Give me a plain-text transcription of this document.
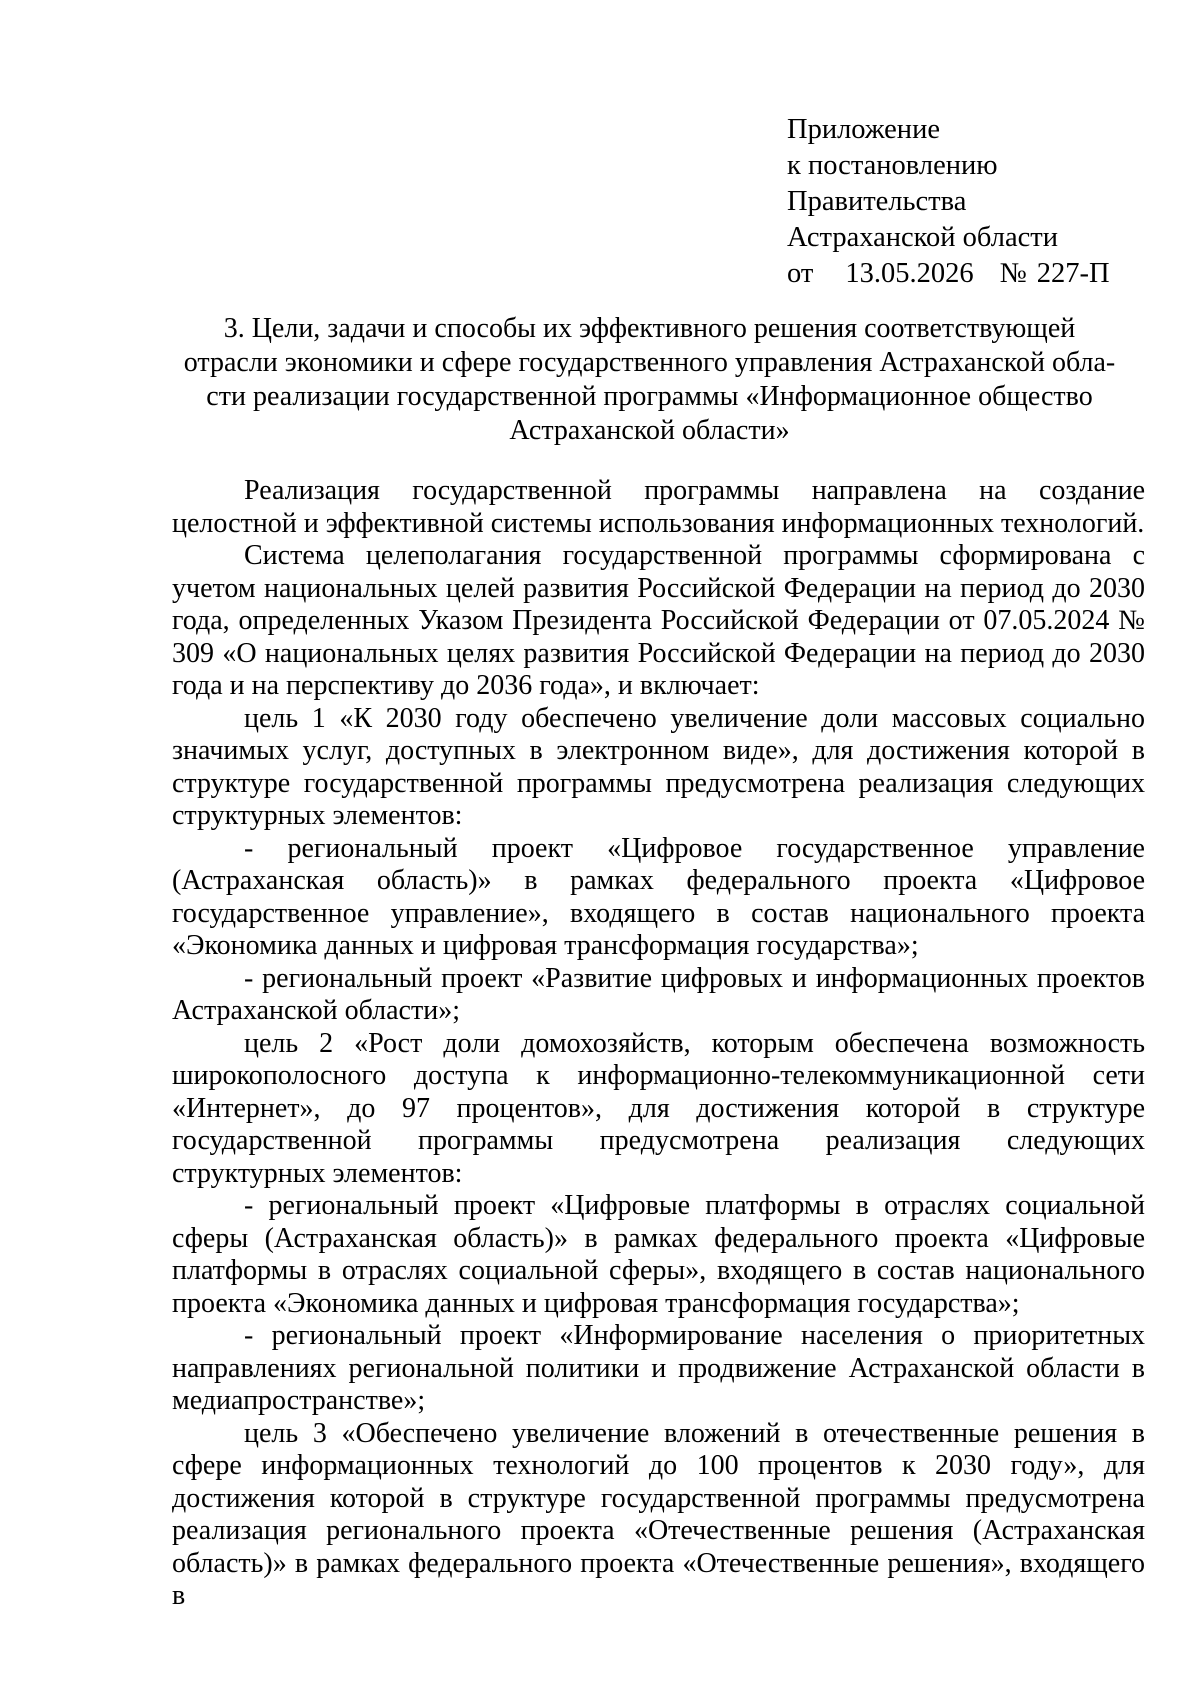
Приложение
к постановлению
Правительства
Астраханской области
от 13.05.2026 № 227-П
3. Цели, задачи и способы их эффективного решения соответствующей
отрасли экономики и сфере государственного управления Астраханской обла-
сти реализации государственной программы «Информационное общество
Астраханской области»

Реализация государственной программы направлена на создание целостной и эффективной системы использования информационных технологий.

Система целеполагания государственной программы сформирована с учетом национальных целей развития Российской Федерации на период до 2030 года, определенных Указом Президента Российской Федерации от 07.05.2024 № 309 «О национальных целях развития Российской Федерации на период до 2030 года и на перспективу до 2036 года», и включает:

цель 1 «К 2030 году обеспечено увеличение доли массовых социально значимых услуг, доступных в электронном виде», для достижения которой в структуре государственной программы предусмотрена реализация следующих структурных элементов:

- региональный проект «Цифровое государственное управление (Астраханская область)» в рамках федерального проекта «Цифровое государственное управление», входящего в состав национального проекта «Экономика данных и цифровая трансформация государства»;

- региональный проект «Развитие цифровых и информационных проектов Астраханской области»;

цель 2 «Рост доли домохозяйств, которым обеспечена возможность широкополосного доступа к информационно-телекоммуникационной сети «Интернет», до 97 процентов», для достижения которой в структуре государственной программы предусмотрена реализация следующих структурных элементов:

- региональный проект «Цифровые платформы в отраслях социальной сферы (Астраханская область)» в рамках федерального проекта «Цифровые платформы в отраслях социальной сферы», входящего в состав национального проекта «Экономика данных и цифровая трансформация государства»;

- региональный проект «Информирование населения о приоритетных направлениях региональной политики и продвижение Астраханской области в медиапространстве»;

цель 3 «Обеспечено увеличение вложений в отечественные решения в сфере информационных технологий до 100 процентов к 2030 году», для достижения которой в структуре государственной программы предусмотрена реализация регионального проекта «Отечественные решения (Астраханская область)» в рамках федерального проекта «Отечественные решения», входящего в
